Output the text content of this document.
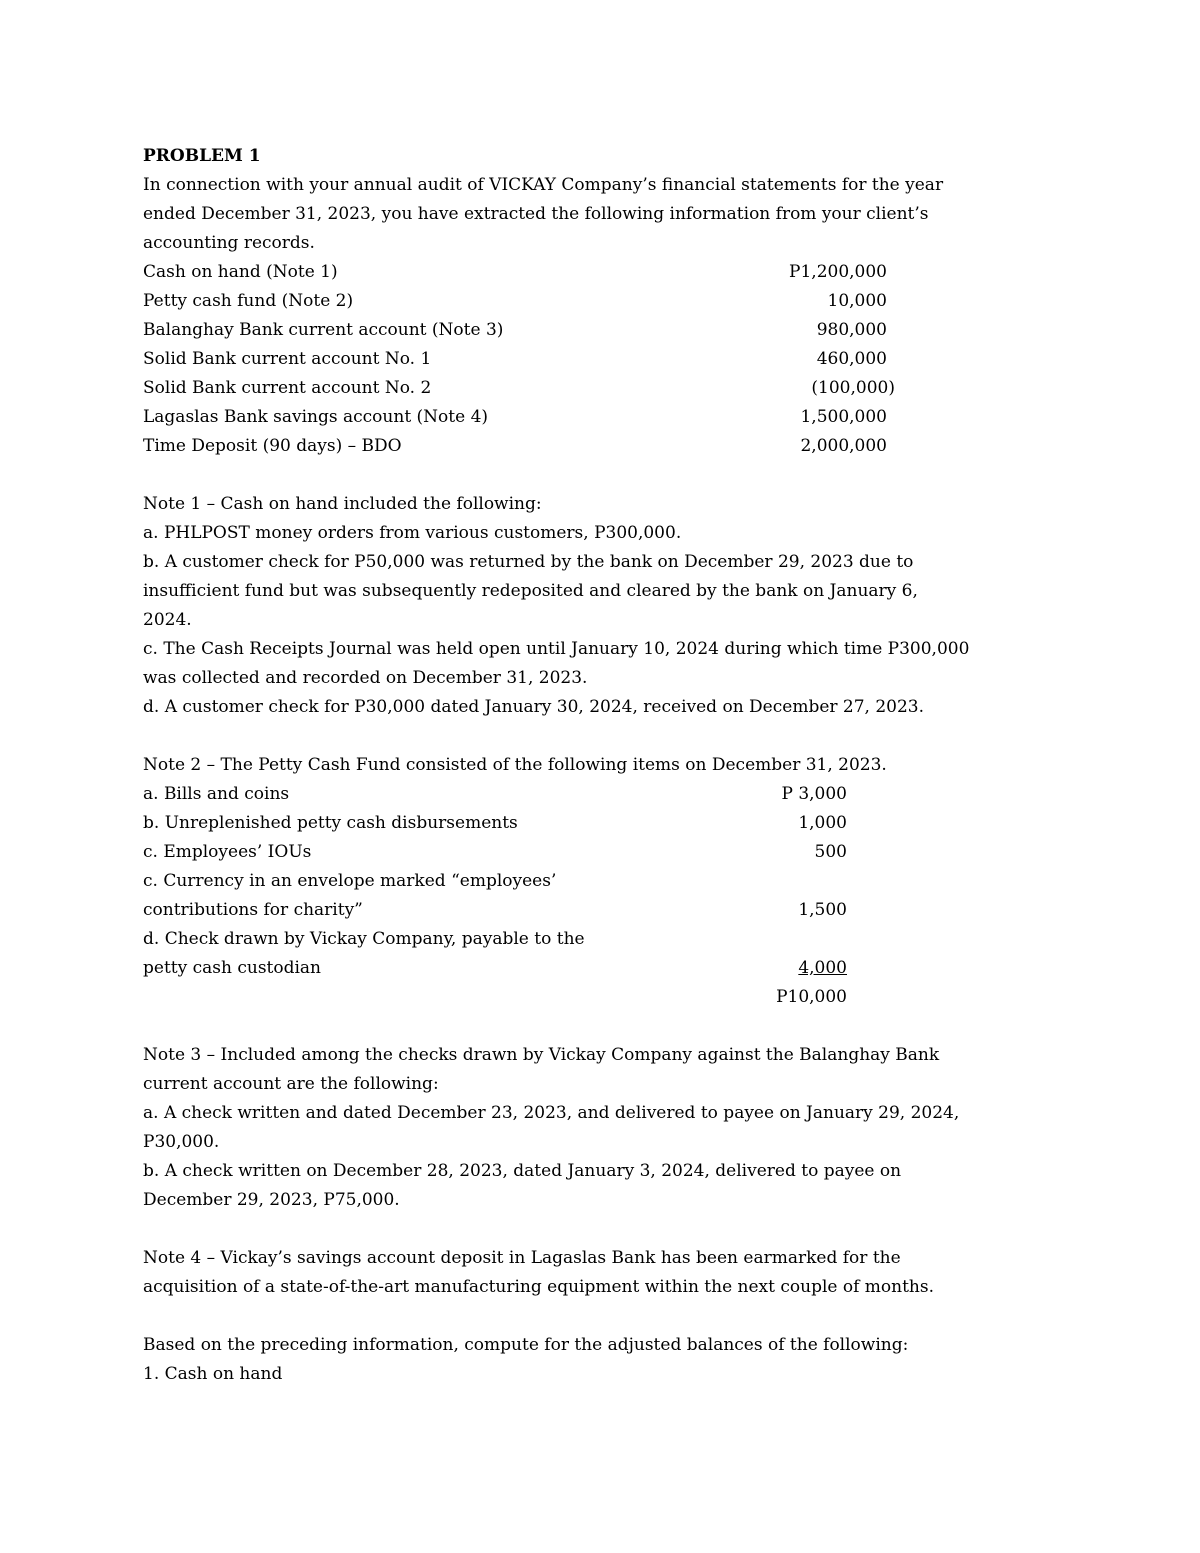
PROBLEM 1
In connection with your annual audit of VICKAY Company’s financial statements for the year
ended December 31, 2023, you have extracted the following information from your client’s
accounting records.
Cash on hand (Note 1)	P1,200,000
Petty cash fund (Note 2)	10,000
Balanghay Bank current account (Note 3)	980,000
Solid Bank current account No. 1	460,000
Solid Bank current account No. 2	(100,000)
Lagaslas Bank savings account (Note 4)	1,500,000
Time Deposit (90 days) – BDO	2,000,000
Note 1 – Cash on hand included the following:
a. PHLPOST money orders from various customers, P300,000.
b. A customer check for P50,000 was returned by the bank on December 29, 2023 due to
insufficient fund but was subsequently redeposited and cleared by the bank on January 6,
2024.
c. The Cash Receipts Journal was held open until January 10, 2024 during which time P300,000
was collected and recorded on December 31, 2023.
d. A customer check for P30,000 dated January 30, 2024, received on December 27, 2023.
Note 2 – The Petty Cash Fund consisted of the following items on December 31, 2023.
a. Bills and coins	P 3,000
b. Unreplenished petty cash disbursements	1,000
c. Employees’ IOUs	500
c. Currency in an envelope marked “employees’
contributions for charity”	1,500
d. Check drawn by Vickay Company, payable to the
petty cash custodian	4,000
P10,000
Note 3 – Included among the checks drawn by Vickay Company against the Balanghay Bank
current account are the following:
a. A check written and dated December 23, 2023, and delivered to payee on January 29, 2024,
P30,000.
b. A check written on December 28, 2023, dated January 3, 2024, delivered to payee on
December 29, 2023, P75,000.
Note 4 – Vickay’s savings account deposit in Lagaslas Bank has been earmarked for the
acquisition of a state-of-the-art manufacturing equipment within the next couple of months.
Based on the preceding information, compute for the adjusted balances of the following:
1. Cash on hand
